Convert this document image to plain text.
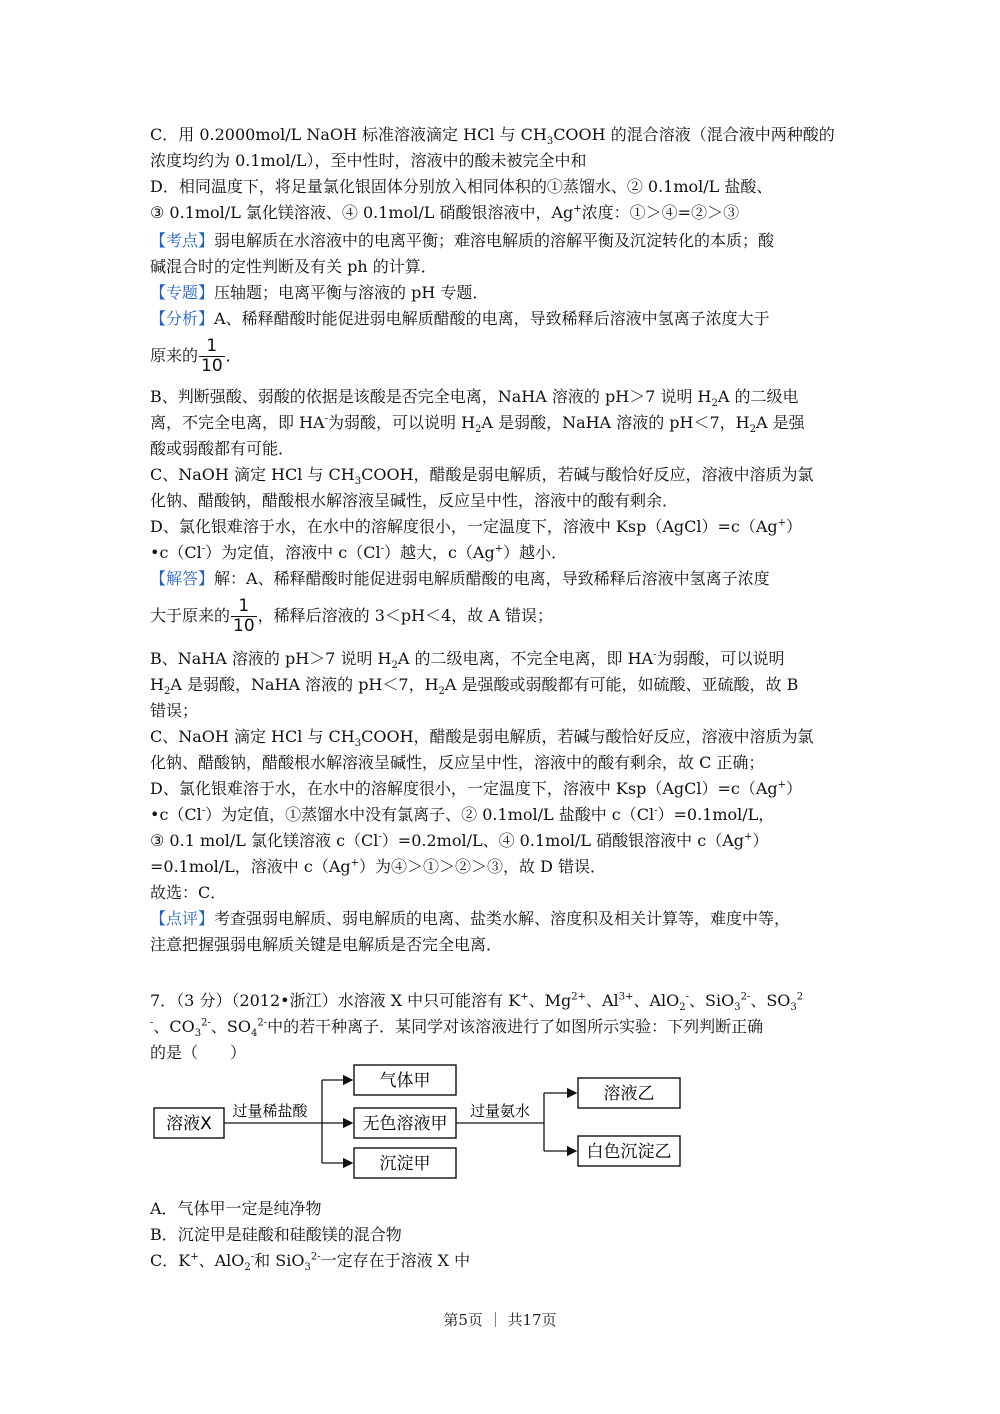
C．用 0.2000mol/L NaOH 标准溶液滴定 HCl 与 $CH_3COOH$ 的混合溶液（混合液中两种酸的
浓度均约为 0.1mol/L），至中性时，溶液中的酸未被完全中和
D．相同温度下，将足量氯化银固体分别放入相同体积的①蒸馏水、② 0.1mol/L 盐酸、
③ 0.1mol/L 氯化镁溶液、④ 0.1mol/L 硝酸银溶液中，Ag+浓度：①＞④=②＞③
【考点】弱电解质在水溶液中的电离平衡；难溶电解质的溶解平衡及沉淀转化的本质；酸
碱混合时的定性判断及有关 ph 的计算．
【专题】压轴题；电离平衡与溶液的 pH 专题．
【分析】A、稀释醋酸时能促进弱电解质醋酸的电离，导致稀释后溶液中氢离子浓度大于
原来的 $\frac{1}{10}$ ．
B、判断强酸、弱酸的依据是该酸是否完全电离，NaHA 溶液的 pH＞7 说明 $H_2A$ 的二级电
离，不完全电离，即 HA-为弱酸，可以说明 $H_2A$ 是弱酸，NaHA 溶液的 pH＜7，$H_2A$ 是强
酸或弱酸都有可能．
C、NaOH 滴定 HCl 与 $CH_3COOH$，醋酸是弱电解质，若碱与酸恰好反应，溶液中溶质为氯
化钠、醋酸钠，醋酸根水解溶液呈碱性，反应呈中性，溶液中的酸有剩余．
D、氯化银难溶于水，在水中的溶解度很小，一定温度下，溶液中 Ksp（AgCl）=c（Ag+）
•c（Cl-）为定值，溶液中 c（Cl-）越大，c（Ag+）越小．
【解答】解：A、稀释醋酸时能促进弱电解质醋酸的电离，导致稀释后溶液中氢离子浓度
大于原来的 $\frac{1}{10}$ ，稀释后溶液的 3＜pH＜4，故 A 错误；
B、NaHA 溶液的 pH＞7 说明 $H_2A$ 的二级电离，不完全电离，即 HA-为弱酸，可以说明
$H_2A$ 是弱酸，NaHA 溶液的 pH＜7，$H_2A$ 是强酸或弱酸都有可能，如硫酸、亚硫酸，故 B
错误；
C、NaOH 滴定 HCl 与 $CH_3COOH$，醋酸是弱电解质，若碱与酸恰好反应，溶液中溶质为氯
化钠、醋酸钠，醋酸根水解溶液呈碱性，反应呈中性，溶液中的酸有剩余，故 C 正确；
D、氯化银难溶于水，在水中的溶解度很小，一定温度下，溶液中 Ksp（AgCl）=c（Ag+）
•c（Cl-）为定值，①蒸馏水中没有氯离子、② 0.1mol/L 盐酸中 c（Cl-）=0.1mol/L，
③ 0.1 mol/L 氯化镁溶液 c（Cl-）=0.2mol/L、④ 0.1mol/L 硝酸银溶液中 c（Ag+）
=0.1mol/L，溶液中 c（Ag+）为④＞①＞②＞③，故 D 错误．
故选：C．
【点评】考查强弱电解质、弱电解质的电离、盐类水解、溶度积及相关计算等，难度中等，
注意把握强弱电解质关键是电解质是否完全电离．
7．（3 分）（2012•浙江）水溶液 X 中只可能溶有 K+、$Mg^{2+}$、$Al^{3+}$、AlO$_2$-、SiO$_3^{2-}$、$SO_3^2$
-、$CO_3^{2-}$、$SO_4^{2-}$中的若干种离子．某同学对该溶液进行了如图所示实验：下列判断正确
的是（　　）
溶液X
过量稀盐酸
气体甲
无色溶液甲
沉淀甲
过量氨水
溶液乙
白色沉淀乙
A．气体甲一定是纯净物
B．沉淀甲是硅酸和硅酸镁的混合物
C．K+、AlO$_2$-和 SiO$_3^{2-}$一定存在于溶液 X 中
第5页 ｜ 共17页
